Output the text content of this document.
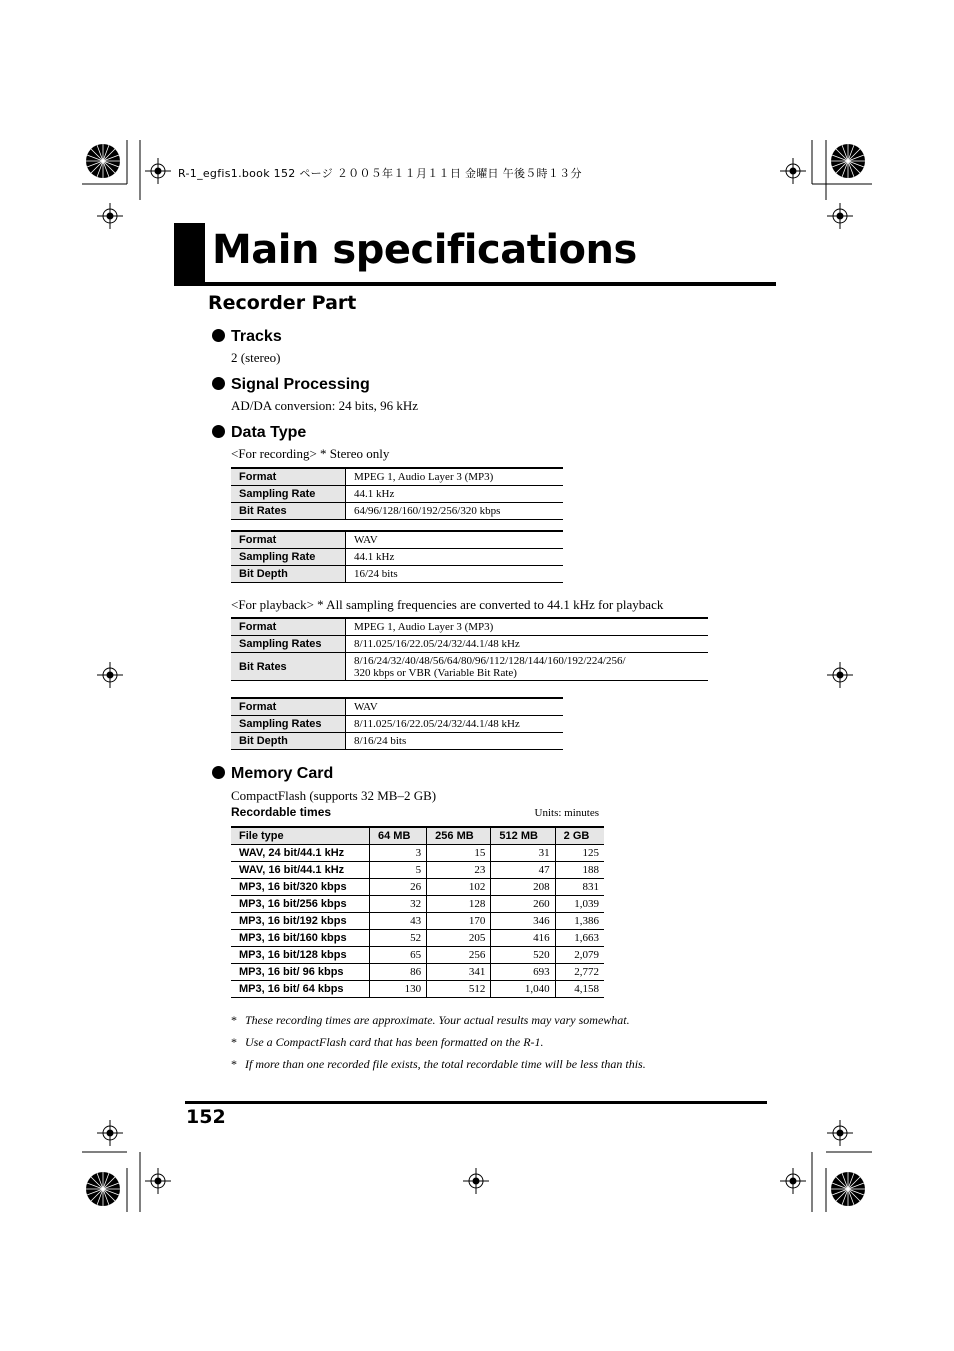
R-1_egfis1.book 152 ページ ２００５年１１月１１日 金曜日 午後５時１３分
Main specifications
Recorder Part
Tracks
2 (stereo)
Signal Processing
AD/DA conversion: 24 bits, 96 kHz
Data Type
<For recording> * Stereo only
Format	MPEG 1, Audio Layer 3 (MP3)
Sampling Rate	44.1 kHz
Bit Rates	64/96/128/160/192/256/320 kbps
Format	WAV
Sampling Rate	44.1 kHz
Bit Depth	16/24 bits
<For playback> * All sampling frequencies are converted to 44.1 kHz for playback
Format	MPEG 1, Audio Layer 3 (MP3)
Sampling Rates	8/11.025/16/22.05/24/32/44.1/48 kHz
Bit Rates	8/16/24/32/40/48/56/64/80/96/112/128/144/160/192/224/256/
320 kbps or VBR (Variable Bit Rate)
Format	WAV
Sampling Rates	8/11.025/16/22.05/24/32/44.1/48 kHz
Bit Depth	8/16/24 bits
Memory Card
CompactFlash (supports 32 MB–2 GB)
Recordable times	Units: minutes
File type	64 MB	256 MB	512 MB	2 GB
WAV, 24 bit/44.1 kHz	3	15	31	125
WAV, 16 bit/44.1 kHz	5	23	47	188
MP3, 16 bit/320 kbps	26	102	208	831
MP3, 16 bit/256 kbps	32	128	260	1,039
MP3, 16 bit/192 kbps	43	170	346	1,386
MP3, 16 bit/160 kbps	52	205	416	1,663
MP3, 16 bit/128 kbps	65	256	520	2,079
MP3, 16 bit/ 96 kbps	86	341	693	2,772
MP3, 16 bit/ 64 kbps	130	512	1,040	4,158
* These recording times are approximate. Your actual results may vary somewhat.
* Use a CompactFlash card that has been formatted on the R-1.
* If more than one recorded file exists, the total recordable time will be less than this.
152
